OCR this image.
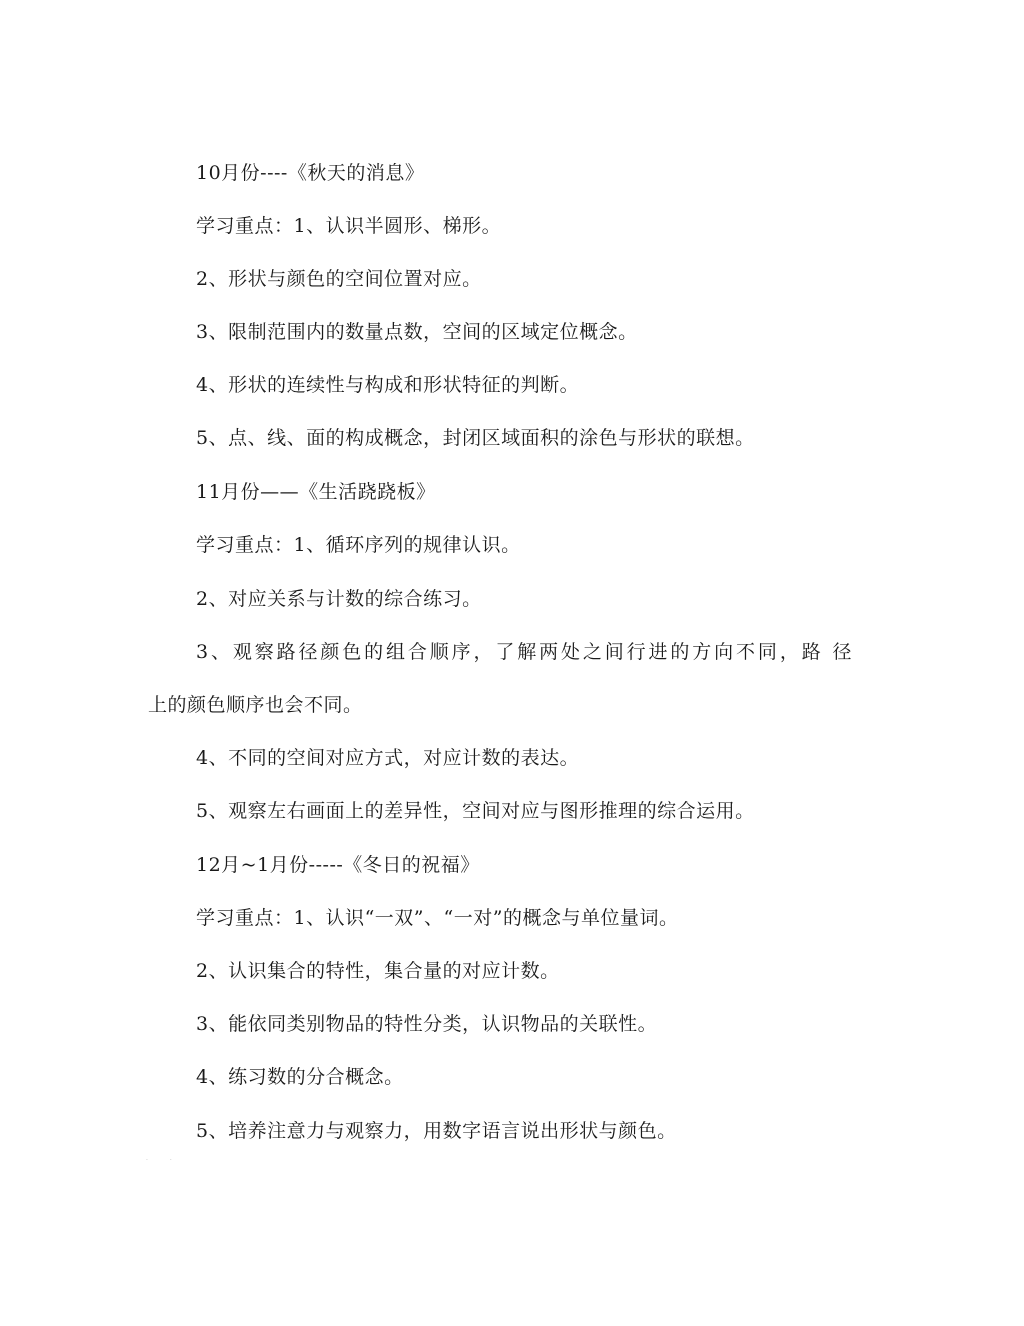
10月份----《秋天的消息》
学习重点：1、认识半圆形、梯形。
2、形状与颜色的空间位置对应。
3、限制范围内的数量点数，空间的区域定位概念。
4、形状的连续性与构成和形状特征的判断。
5、点、线、面的构成概念，封闭区域面积的涂色与形状的联想。
11月份——《生活跷跷板》
学习重点：1、循环序列的规律认识。
2、对应关系与计数的综合练习。
3、观察路径颜色的组合顺序，了解两处之间行进的方向不同，路 径
上的颜色顺序也会不同。
4、不同的空间对应方式，对应计数的表达。
5、观察左右画面上的差异性，空间对应与图形推理的综合运用。
12月~1月份-----《冬日的祝福》
学习重点：1、认识“一双”、“一对”的概念与单位量词。
2、认识集合的特性，集合量的对应计数。
3、能依同类别物品的特性分类，认识物品的关联性。
4、练习数的分合概念。
5、培养注意力与观察力，用数字语言说出形状与颜色。
· ·
